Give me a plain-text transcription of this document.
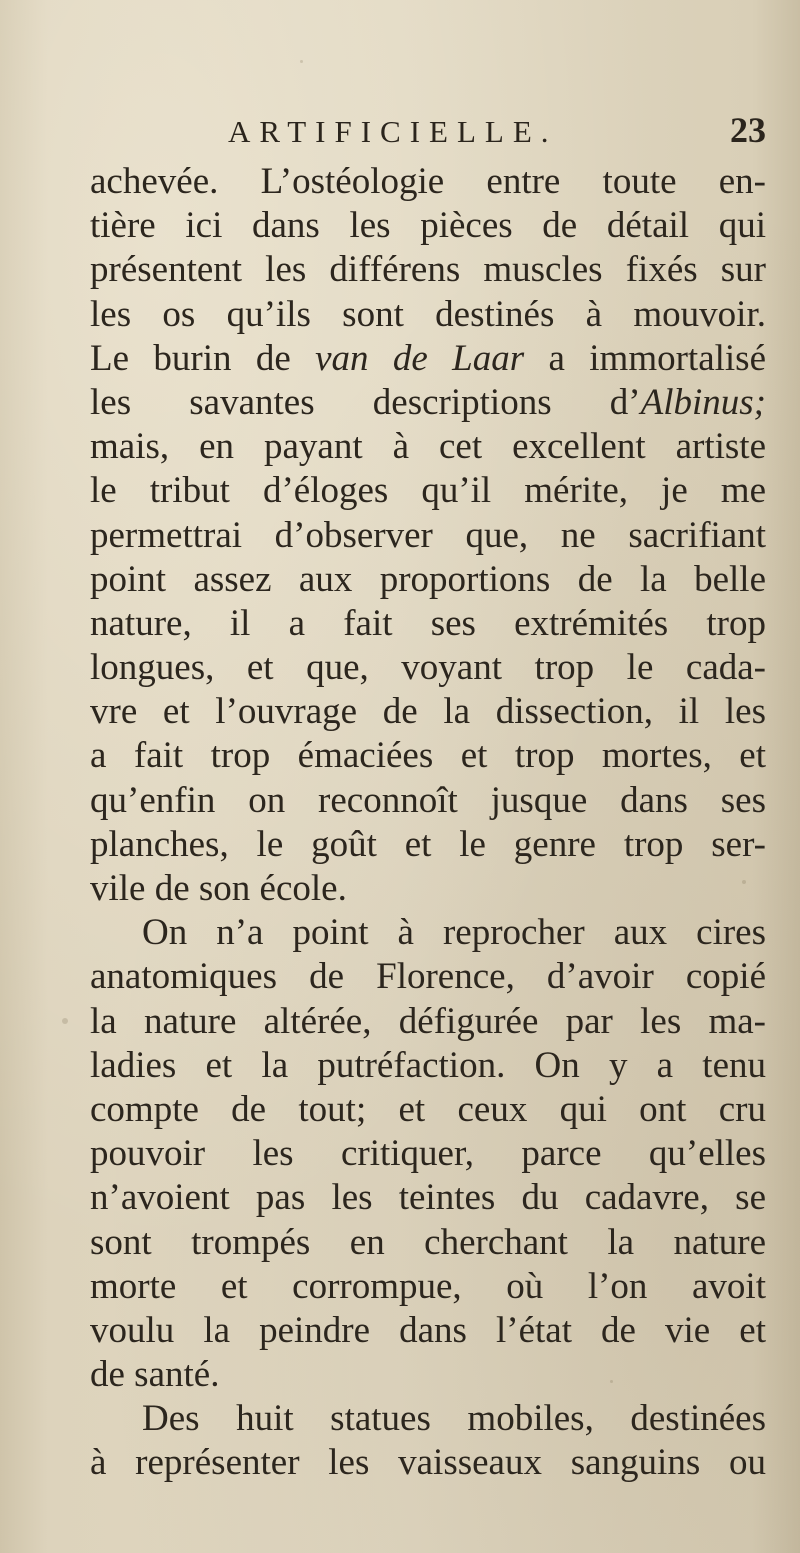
ARTIFICIELLE.	23
achevée. L’ostéologie entre toute en-
tière ici dans les pièces de détail qui
présentent les différens muscles fixés sur
les os qu’ils sont destinés à mouvoir.
Le burin de van de Laar a immortalisé
les savantes descriptions d’Albinus;
mais, en payant à cet excellent artiste
le tribut d’éloges qu’il mérite, je me
permettrai d’observer que, ne sacrifiant
point assez aux proportions de la belle
nature, il a fait ses extrémités trop
longues, et que, voyant trop le cada-
vre et l’ouvrage de la dissection, il les
a fait trop émaciées et trop mortes, et
qu’enfin on reconnoît jusque dans ses
planches, le goût et le genre trop ser-
vile de son école.
On n’a point à reprocher aux cires
anatomiques de Florence, d’avoir copié
la nature altérée, défigurée par les ma-
ladies et la putréfaction. On y a tenu
compte de tout; et ceux qui ont cru
pouvoir les critiquer, parce qu’elles
n’avoient pas les teintes du cadavre, se
sont trompés en cherchant la nature
morte et corrompue, où l’on avoit
voulu la peindre dans l’état de vie et
de santé.
Des huit statues mobiles, destinées
à représenter les vaisseaux sanguins ou
